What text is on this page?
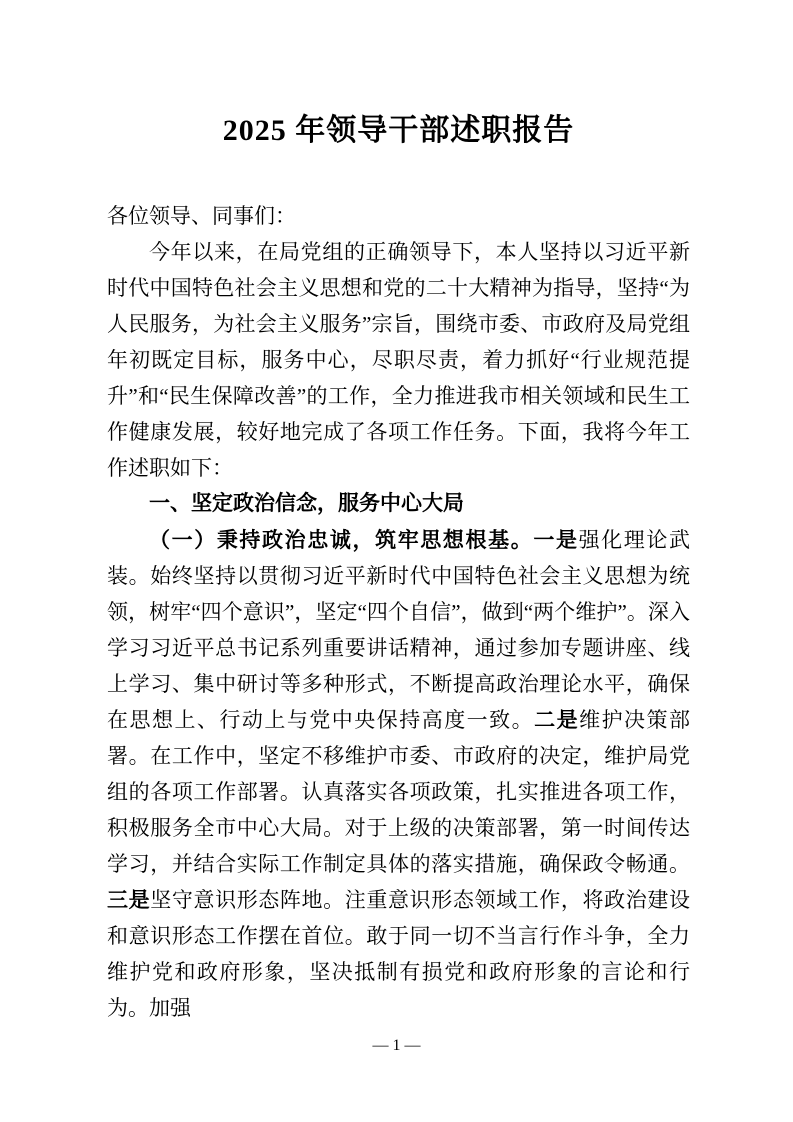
2025 年领导干部述职报告

各位领导、同事们：

今年以来，在局党组的正确领导下，本人坚持以习近平新时代中国特色社会主义思想和党的二十大精神为指导，坚持“为人民服务，为社会主义服务”宗旨，围绕市委、市政府及局党组年初既定目标，服务中心，尽职尽责，着力抓好“行业规范提升”和“民生保障改善”的工作，全力推进我市相关领域和民生工作健康发展，较好地完成了各项工作任务。下面，我将今年工作述职如下：

一、坚定政治信念，服务中心大局

（一）秉持政治忠诚，筑牢思想根基。一是强化理论武装。始终坚持以贯彻习近平新时代中国特色社会主义思想为统领，树牢“四个意识”，坚定“四个自信”，做到“两个维护”。深入学习习近平总书记系列重要讲话精神，通过参加专题讲座、线上学习、集中研讨等多种形式，不断提高政治理论水平，确保在思想上、行动上与党中央保持高度一致。二是维护决策部署。在工作中，坚定不移维护市委、市政府的决定，维护局党组的各项工作部署。认真落实各项政策，扎实推进各项工作，积极服务全市中心大局。对于上级的决策部署，第一时间传达学习，并结合实际工作制定具体的落实措施，确保政令畅通。三是坚守意识形态阵地。注重意识形态领域工作，将政治建设和意识形态工作摆在首位。敢于同一切不当言行作斗争，全力维护党和政府形象，坚决抵制有损党和政府形象的言论和行为。加强

— 1 —
